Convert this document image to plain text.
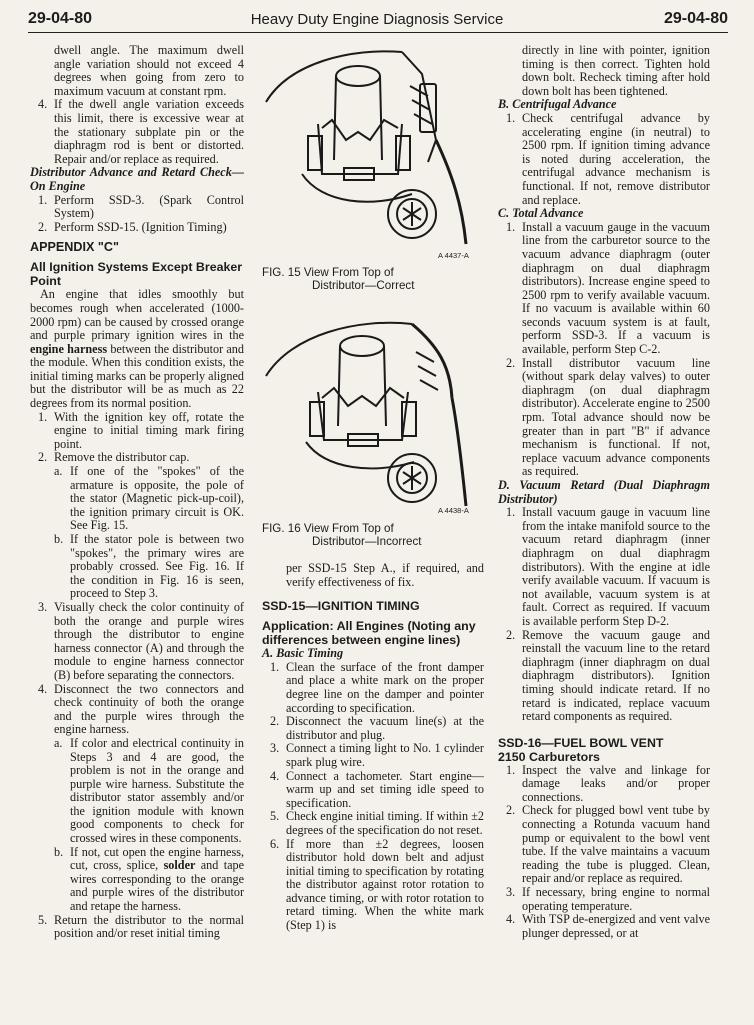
29-04-80	Heavy Duty Engine Diagnosis Service	29-04-80

dwell angle. The maximum dwell angle variation should not exceed 4 degrees when going from zero to maximum vacuum at constant rpm.

4. If the dwell angle variation exceeds this limit, there is excessive wear at the stationary subplate pin or the diaphragm rod is bent or distorted. Repair and/or replace as required.

Distributor Advance and Retard Check—On Engine

1. Perform SSD-3. (Spark Control System)

2. Perform SSD-15. (Ignition Timing)

APPENDIX "C"

All Ignition Systems Except Breaker Point

An engine that idles smoothly but becomes rough when accelerated (1000-2000 rpm) can be caused by crossed orange and purple primary ignition wires in the engine harness between the distributor and the module. When this condition exists, the initial timing marks can be properly aligned but the distributor will be as much as 22 degrees from its normal position.

1. With the ignition key off, rotate the engine to initial timing mark firing point.

2. Remove the distributor cap.

a. If one of the "spokes" of the armature is opposite, the pole of the stator (Magnetic pick-up-coil), the ignition primary circuit is OK. See Fig. 15.

b. If the stator pole is between two "spokes", the primary wires are probably crossed. See Fig. 16. If the condition in Fig. 16 is seen, proceed to Step 3.

3. Visually check the color continuity of both the orange and purple wires through the distributor to engine harness connector (A) and through the module to engine harness connector (B) before separating the connectors.

4. Disconnect the two connectors and check continuity of both the orange and the purple wires through the engine harness.

a. If color and electrical continuity in Steps 3 and 4 are good, the problem is not in the orange and purple wire harness. Substitute the distributor stator assembly and/or the ignition module with known good components to check for crossed wires in these components.

b. If not, cut open the engine harness, cut, cross, splice, solder and tape wires corresponding to the orange and purple wires of the distributor and retape the harness.

5. Return the distributor to the normal position and/or reset initial timing

A 4437-A

FIG. 15 View From Top of
Distributor—Correct

A 4438-A

FIG. 16 View From Top of
Distributor—Incorrect

per SSD-15 Step A., if required, and verify effectiveness of fix.

SSD-15—IGNITION TIMING

Application: All Engines (Noting any differences between engine lines)

A. Basic Timing

1. Clean the surface of the front damper and place a white mark on the proper degree line on the damper and pointer according to specification.

2. Disconnect the vacuum line(s) at the distributor and plug.

3. Connect a timing light to No. 1 cylinder spark plug wire.

4. Connect a tachometer. Start engine—warm up and set timing idle speed to specification.

5. Check engine initial timing. If within ±2 degrees of the specification do not reset.

6. If more than ±2 degrees, loosen distributor hold down belt and adjust initial timing to specification by rotating the distributor against rotor rotation to advance timing, or with rotor rotation to retard timing. When the white mark (Step 1) is

directly in line with pointer, ignition timing is then correct. Tighten hold down bolt. Recheck timing after hold down bolt has been tightened.

B. Centrifugal Advance

1. Check centrifugal advance by accelerating engine (in neutral) to 2500 rpm. If ignition timing advance is noted during acceleration, the centrifugal advance mechanism is functional. If not, remove distributor and replace.

C. Total Advance

1. Install a vacuum gauge in the vacuum line from the carburetor source to the vacuum advance diaphragm (outer diaphragm on dual diaphragm distributors). Increase engine speed to 2500 rpm to verify available vacuum. If no vacuum is available within 60 seconds vacuum system is at fault, perform SSD-3. If a vacuum is available, perform Step C-2.

2. Install distributor vacuum line (without spark delay valves) to outer diaphragm (on dual diaphragm distributor). Accelerate engine to 2500 rpm. Total advance should now be greater than in part "B" if advance mechanism is functional. If not, replace vacuum advance components as required.

D. Vacuum Retard (Dual Diaphragm Distributor)

1. Install vacuum gauge in vacuum line from the intake manifold source to the vacuum retard diaphragm (inner diaphragm on dual diaphragm distributors). With the engine at idle verify available vacuum. If vacuum is not available, vacuum system is at fault. Correct as required. If vacuum is available perform Step D-2.

2. Remove the vacuum gauge and reinstall the vacuum line to the retard diaphragm (inner diaphragm on dual diaphragm distributors). Ignition timing should indicate retard. If no retard is indicated, replace vacuum retard components as required.

SSD-16—FUEL BOWL VENT

2150 Carburetors

1. Inspect the valve and linkage for damage leaks and/or proper connections.

2. Check for plugged bowl vent tube by connecting a Rotunda vacuum hand pump or equivalent to the bowl vent tube. If the valve maintains a vacuum reading the tube is plugged. Clean, repair and/or replace as required.

3. If necessary, bring engine to normal operating temperature.

4. With TSP de-energized and vent valve plunger depressed, or at
